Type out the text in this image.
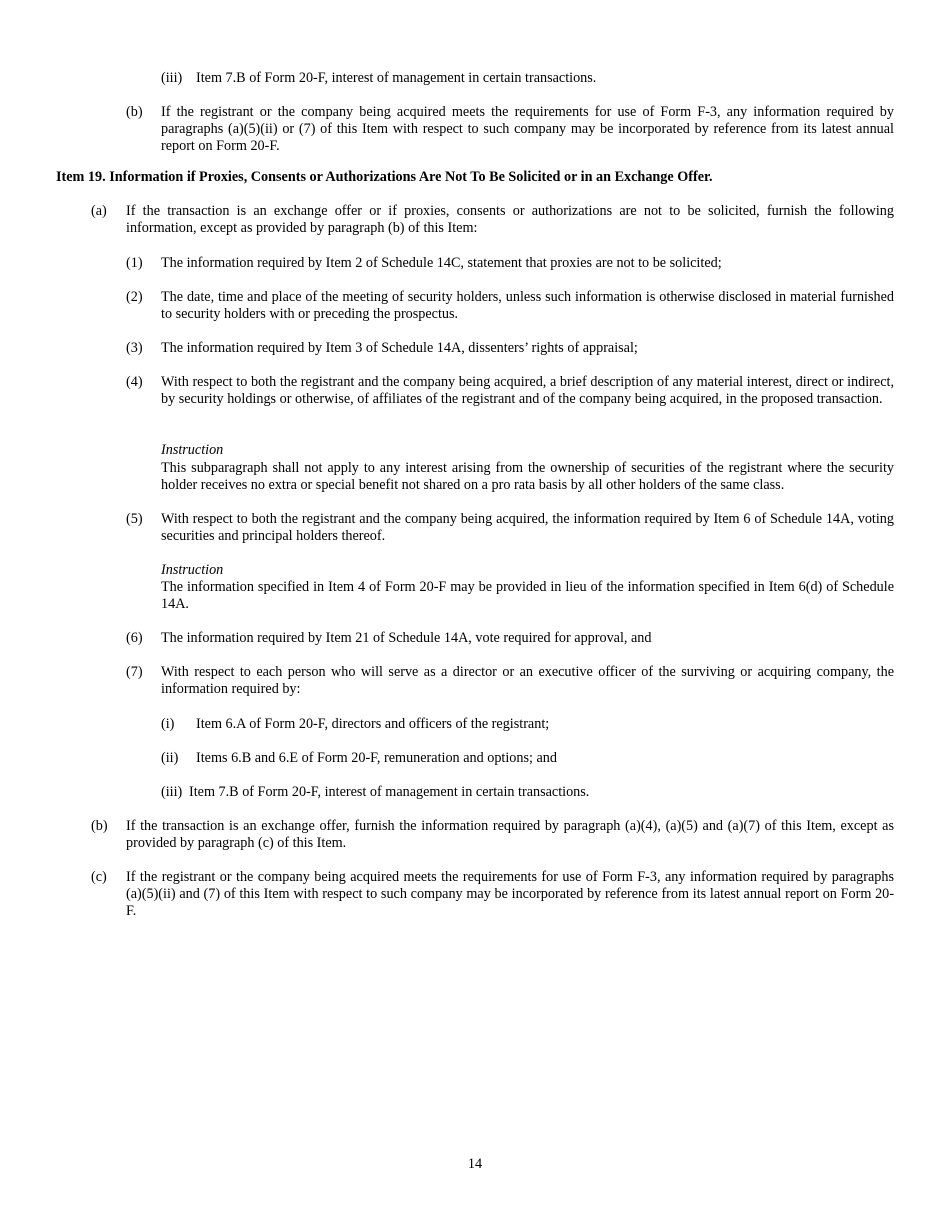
(iii) Item 7.B of Form 20-F, interest of management in certain transactions.
(b) If the registrant or the company being acquired meets the requirements for use of Form F-3, any information required by paragraphs (a)(5)(ii) or (7) of this Item with respect to such company may be incorporated by reference from its latest annual report on Form 20-F.
Item 19. Information if Proxies, Consents or Authorizations Are Not To Be Solicited or in an Exchange Offer.
(a) If the transaction is an exchange offer or if proxies, consents or authorizations are not to be solicited, furnish the following information, except as provided by paragraph (b) of this Item:
(1) The information required by Item 2 of Schedule 14C, statement that proxies are not to be solicited;
(2) The date, time and place of the meeting of security holders, unless such information is otherwise disclosed in material furnished to security holders with or preceding the prospectus.
(3) The information required by Item 3 of Schedule 14A, dissenters’ rights of appraisal;
(4) With respect to both the registrant and the company being acquired, a brief description of any material interest, direct or indirect, by security holdings or otherwise, of affiliates of the registrant and of the company being acquired, in the proposed transaction.
Instruction
This subparagraph shall not apply to any interest arising from the ownership of securities of the registrant where the security holder receives no extra or special benefit not shared on a pro rata basis by all other holders of the same class.
(5) With respect to both the registrant and the company being acquired, the information required by Item 6 of Schedule 14A, voting securities and principal holders thereof.
Instruction
The information specified in Item 4 of Form 20-F may be provided in lieu of the information specified in Item 6(d) of Schedule 14A.
(6) The information required by Item 21 of Schedule 14A, vote required for approval, and
(7) With respect to each person who will serve as a director or an executive officer of the surviving or acquiring company, the information required by:
(i) Item 6.A of Form 20-F, directors and officers of the registrant;
(ii) Items 6.B and 6.E of Form 20-F, remuneration and options; and
(iii) Item 7.B of Form 20-F, interest of management in certain transactions.
(b) If the transaction is an exchange offer, furnish the information required by paragraph (a)(4), (a)(5) and (a)(7) of this Item, except as provided by paragraph (c) of this Item.
(c) If the registrant or the company being acquired meets the requirements for use of Form F-3, any information required by paragraphs (a)(5)(ii) and (7) of this Item with respect to such company may be incorporated by reference from its latest annual report on Form 20-F.
14
